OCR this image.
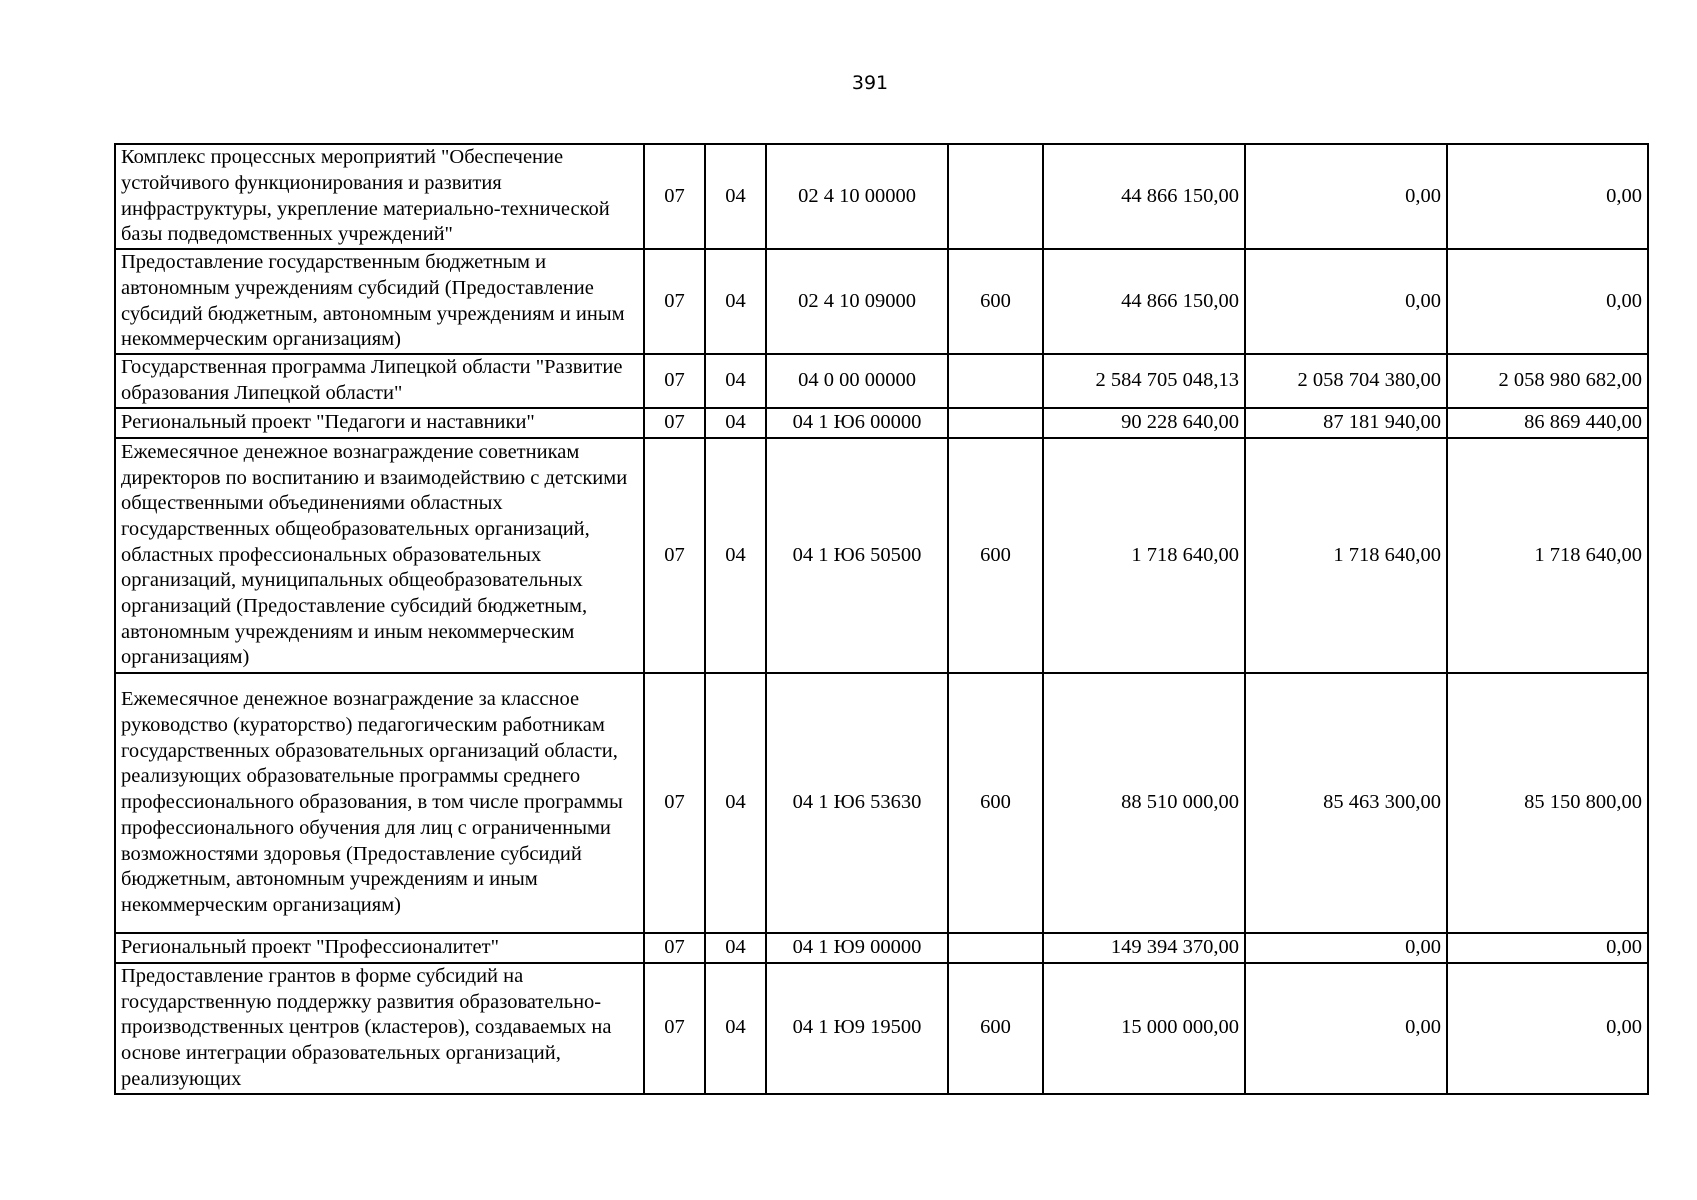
391
Комплекс процессных мероприятий "Обеспечение устойчивого функционирования и развития инфраструктуры, укрепление материально-технической базы подведомственных учреждений"	07	04	02 4 10 00000		44 866 150,00	0,00	0,00
Предоставление государственным бюджетным и автономным учреждениям субсидий (Предоставление субсидий бюджетным, автономным учреждениям и иным некоммерческим организациям)	07	04	02 4 10 09000	600	44 866 150,00	0,00	0,00
Государственная программа Липецкой области "Развитие образования Липецкой области"	07	04	04 0 00 00000		2 584 705 048,13	2 058 704 380,00	2 058 980 682,00
Региональный проект "Педагоги и наставники"	07	04	04 1 Ю6 00000		90 228 640,00	87 181 940,00	86 869 440,00
Ежемесячное денежное вознаграждение советникам директоров по воспитанию и взаимодействию с детскими общественными объединениями областных государственных общеобразовательных организаций, областных профессиональных образовательных организаций, муниципальных общеобразовательных организаций (Предоставление субсидий бюджетным, автономным учреждениям и иным некоммерческим организациям)	07	04	04 1 Ю6 50500	600	1 718 640,00	1 718 640,00	1 718 640,00
Ежемесячное денежное вознаграждение за классное руководство (кураторство) педагогическим работникам государственных образовательных организаций области, реализующих образовательные программы среднего профессионального образования, в том числе программы профессионального обучения для лиц с ограниченными возможностями здоровья (Предоставление субсидий бюджетным, автономным учреждениям и иным некоммерческим организациям)	07	04	04 1 Ю6 53630	600	88 510 000,00	85 463 300,00	85 150 800,00
Региональный проект "Профессионалитет"	07	04	04 1 Ю9 00000		149 394 370,00	0,00	0,00
Предоставление грантов в форме субсидий на государственную поддержку развития образовательно-производственных центров (кластеров), создаваемых на основе интеграции образовательных организаций, реализующих	07	04	04 1 Ю9 19500	600	15 000 000,00	0,00	0,00
